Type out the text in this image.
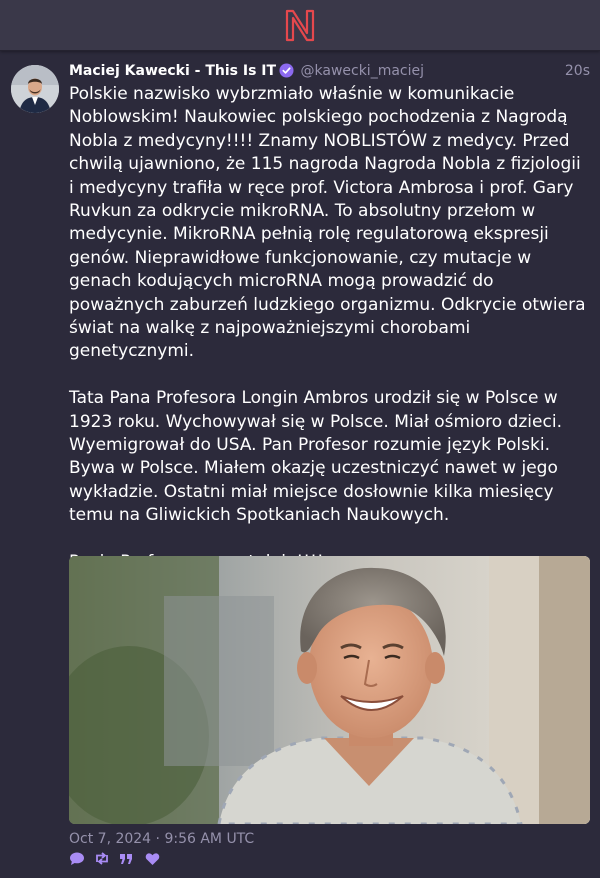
Maciej Kawecki - This Is IT @kawecki_maciej	20s

Polskie nazwisko wybrzmiało właśnie w komunikacie Noblowskim! Naukowiec polskiego pochodzenia z Nagrodą Nobla z medycyny!!!! Znamy NOBLISTÓW z medycy. Przed chwilą ujawniono, że 115 nagroda Nagroda Nobla z fizjologii i medycyny trafiła w ręce prof. Victora Ambrosa i prof. Gary Ruvkun za odkrycie mikroRNA. To absolutny przełom w medycynie. MikroRNA pełnią rolę regulatorową ekspresji genów. Nieprawidłowe funkcjonowanie, czy mutacje w genach kodujących microRNA mogą prowadzić do poważnych zaburzeń ludzkiego organizmu. Odkrycie otwiera świat na walkę z najpoważniejszymi chorobami genetycznymi.

Tata Pana Profesora Longin Ambros urodził się w Polsce w 1923 roku. Wychowywał się w Polsce. Miał ośmioro dzieci. Wyemigrował do USA. Pan Profesor rozumie język Polski. Bywa w Polsce. Miałem okazję uczestniczyć nawet w jego wykładzie. Ostatni miał miejsce dosłownie kilka miesięcy temu na Gliwickich Spotkaniach Naukowych.

Oct 7, 2024 · 9:56 AM UTC
